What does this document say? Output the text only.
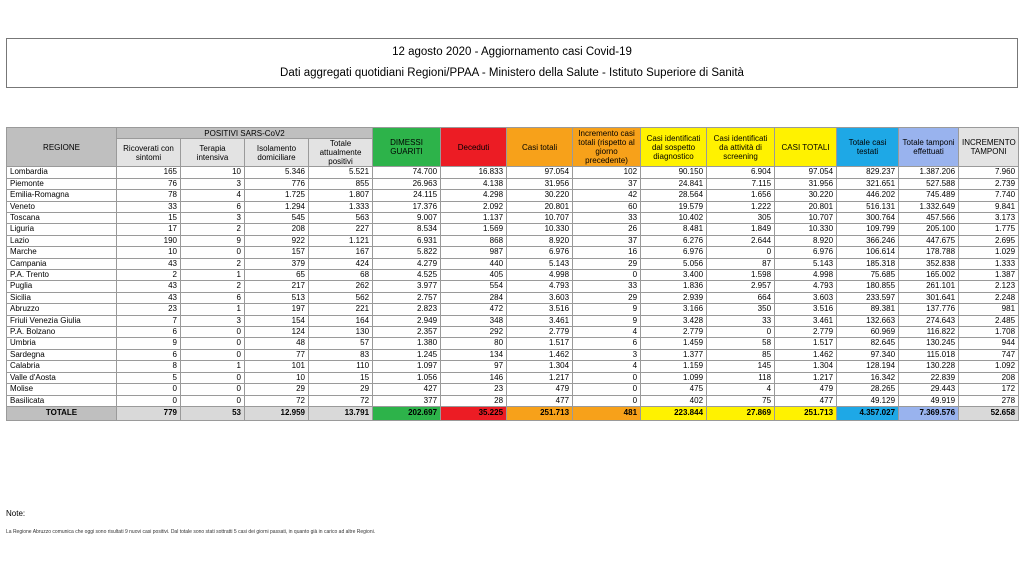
12 agosto 2020 - Aggiornamento casi Covid-19
Dati aggregati quotidiani Regioni/PPAA - Ministero della Salute - Istituto Superiore di Sanità
REGIONE	POSITIVI SARS-CoV2				DIMESSI GUARITI	Deceduti	Casi totali	Incremento casi totali (rispetto al giorno precedente)	Casi identificati dal sospetto diagnostico	Casi identificati da attività di screening	CASI TOTALI	Totale casi testati	Totale tamponi effettuati	INCREMENTO TAMPONI
	Ricoverati con sintomi	Terapia intensiva	Isolamento domiciliare	Totale attualmente positivi										
Lombardia	165	10	5.346	5.521	74.700	16.833	97.054	102	90.150	6.904	97.054	829.237	1.387.206	7.960
Piemonte	76	3	776	855	26.963	4.138	31.956	37	24.841	7.115	31.956	321.651	527.588	2.739
Emilia-Romagna	78	4	1.725	1.807	24.115	4.298	30.220	42	28.564	1.656	30.220	446.202	745.489	7.740
Veneto	33	6	1.294	1.333	17.376	2.092	20.801	60	19.579	1.222	20.801	516.131	1.332.649	9.841
Toscana	15	3	545	563	9.007	1.137	10.707	33	10.402	305	10.707	300.764	457.566	3.173
Liguria	17	2	208	227	8.534	1.569	10.330	26	8.481	1.849	10.330	109.799	205.100	1.775
Lazio	190	9	922	1.121	6.931	868	8.920	37	6.276	2.644	8.920	366.246	447.675	2.695
Marche	10	0	157	167	5.822	987	6.976	16	6.976	0	6.976	106.614	178.788	1.029
Campania	43	2	379	424	4.279	440	5.143	29	5.056	87	5.143	185.318	352.838	1.333
P.A. Trento	2	1	65	68	4.525	405	4.998	0	3.400	1.598	4.998	75.685	165.002	1.387
Puglia	43	2	217	262	3.977	554	4.793	33	1.836	2.957	4.793	180.855	261.101	2.123
Sicilia	43	6	513	562	2.757	284	3.603	29	2.939	664	3.603	233.597	301.641	2.248
Abruzzo	23	1	197	221	2.823	472	3.516	9	3.166	350	3.516	89.381	137.776	981
Friuli Venezia Giulia	7	3	154	164	2.949	348	3.461	9	3.428	33	3.461	132.663	274.643	2.485
P.A. Bolzano	6	0	124	130	2.357	292	2.779	4	2.779	0	2.779	60.969	116.822	1.708
Umbria	9	0	48	57	1.380	80	1.517	6	1.459	58	1.517	82.645	130.245	944
Sardegna	6	0	77	83	1.245	134	1.462	3	1.377	85	1.462	97.340	115.018	747
Calabria	8	1	101	110	1.097	97	1.304	4	1.159	145	1.304	128.194	130.228	1.092
Valle d'Aosta	5	0	10	15	1.056	146	1.217	0	1.099	118	1.217	16.342	22.839	208
Molise	0	0	29	29	427	23	479	0	475	4	479	28.265	29.443	172
Basilicata	0	0	72	72	377	28	477	0	402	75	477	49.129	49.919	278
TOTALE	779	53	12.959	13.791	202.697	35.225	251.713	481	223.844	27.869	251.713	4.357.027	7.369.576	52.658
Note:
La Regione Abruzzo comunica che oggi sono risultati 9 nuovi casi positivi. Dal totale sono stati sottratti 5 casi dei giorni passati, in quanto già in carico ad altre Regioni.
